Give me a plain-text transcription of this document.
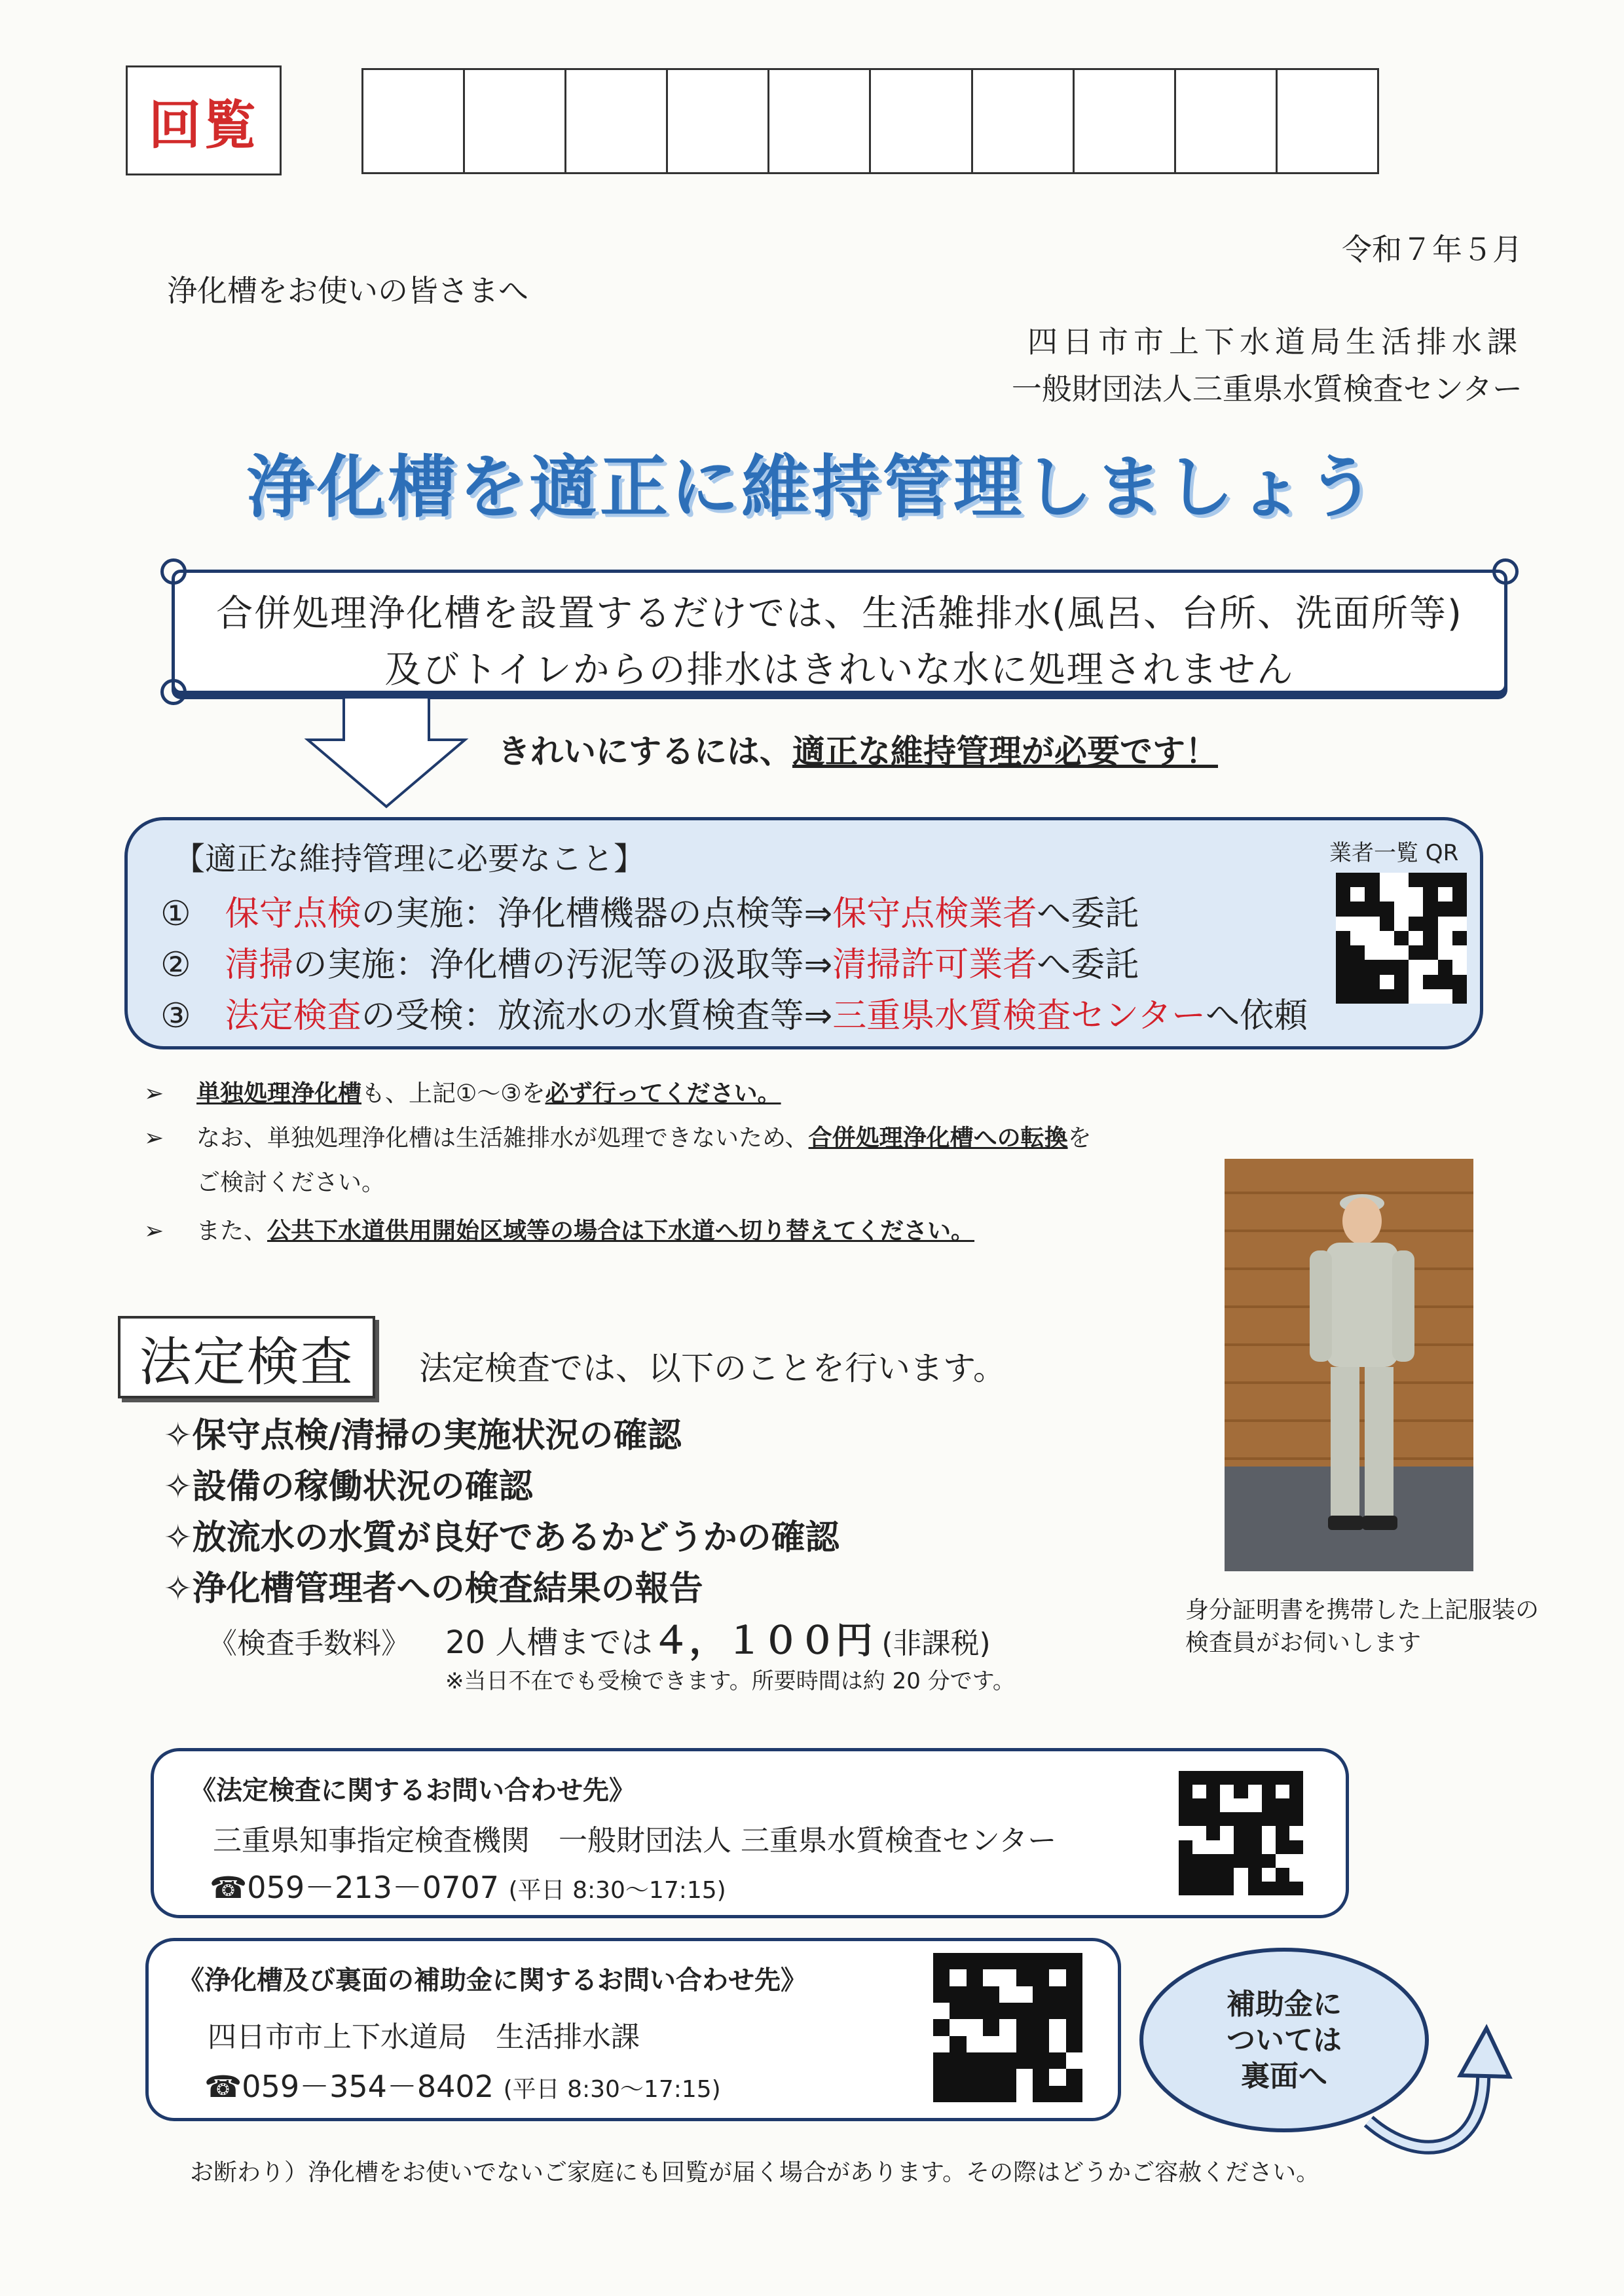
回覧
令和７年５月
浄化槽をお使いの皆さまへ
四日市市上下水道局生活排水課
一般財団法人三重県水質検査センター
浄化槽を適正に維持管理しましょう
合併処理浄化槽を設置するだけでは、生活雑排水(風呂、台所、洗面所等)
及びトイレからの排水はきれいな水に処理されません
きれいにするには、適正な維持管理が必要です！
【適正な維持管理に必要なこと】
①　 保守点検の実施：浄化槽機器の点検等⇒保守点検業者へ委託
②　 清掃の実施：浄化槽の汚泥等の汲取等⇒清掃許可業者へ委託
③　 法定検査の受検：放流水の水質検査等⇒三重県水質検査センターへ依頼
業者一覧 QR
➢ 単独処理浄化槽も、上記①～③を必ず行ってください。
➢ なお、単独処理浄化槽は生活雑排水が処理できないため、合併処理浄化槽への転換を
ご検討ください。
➢ また、公共下水道供用開始区域等の場合は下水道へ切り替えてください。
身分証明書を携帯した上記服装の
検査員がお伺いします
法定検査	法定検査では、以下のことを行います。
✧保守点検/清掃の実施状況の確認
✧設備の稼働状況の確認
✧放流水の水質が良好であるかどうかの確認
✧浄化槽管理者への検査結果の報告
《検査手数料》 20 人槽までは４，１００円 (非課税)
※当日不在でも受検できます。所要時間は約 20 分です。
《法定検査に関するお問い合わせ先》
三重県知事指定検査機関　一般財団法人 三重県水質検査センター
☎059－213－0707 (平日 8:30～17:15)
《浄化槽及び裏面の補助金に関するお問い合わせ先》
四日市市上下水道局　生活排水課
☎059－354－8402 (平日 8:30～17:15)
補助金に
ついては
裏面へ
お断わり）浄化槽をお使いでないご家庭にも回覧が届く場合があります。その際はどうかご容赦ください。
